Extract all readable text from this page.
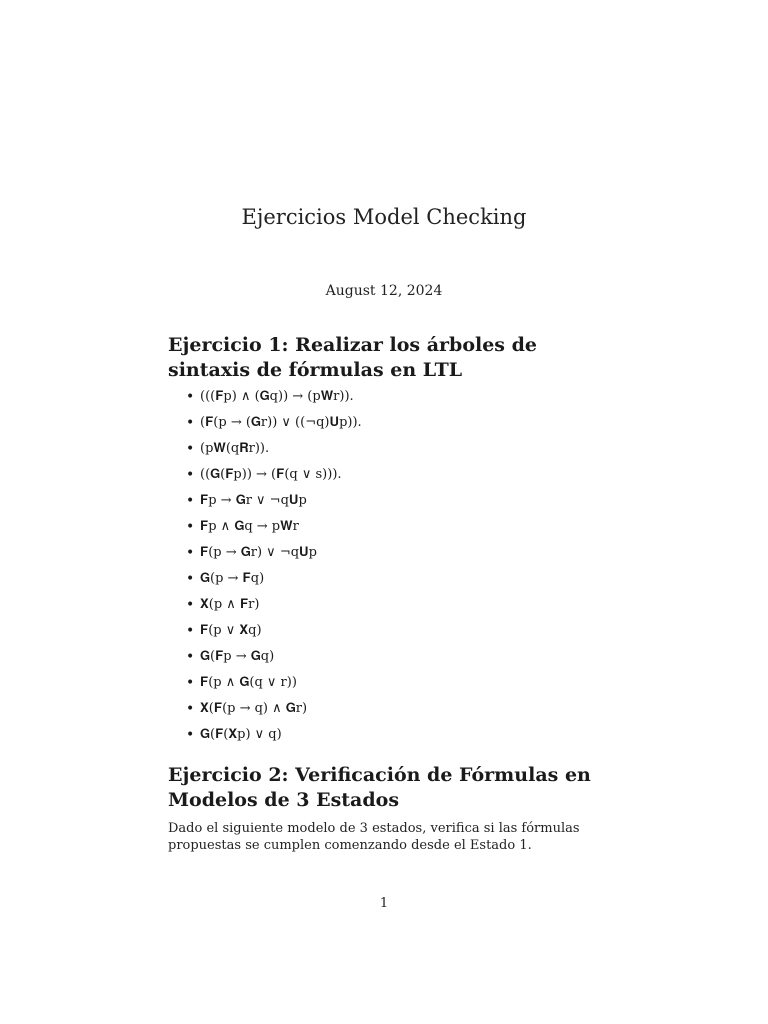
Ejercicios Model Checking
August 12, 2024
Ejercicio 1: Realizar los árboles de sintaxis de fórmulas en LTL
• (((𝐅p) ∧ (𝐆q)) → (p𝐖r)).
• (𝐅(p → (𝐆r)) ∨ ((¬q)𝐔p)).
• (p𝐖(q𝐑r)).
• ((𝐆(𝐅p)) → (𝐅(q ∨ s))).
• 𝐅p → 𝐆r ∨ ¬q𝐔p
• 𝐅p ∧ 𝐆q → p𝐖r
• 𝐅(p → 𝐆r) ∨ ¬q𝐔p
• 𝐆(p → 𝐅q)
• 𝐗(p ∧ 𝐅r)
• 𝐅(p ∨ 𝐗q)
• 𝐆(𝐅p → 𝐆q)
• 𝐅(p ∧ 𝐆(q ∨ r))
• 𝐗(𝐅(p → q) ∧ 𝐆r)
• 𝐆(𝐅(𝐗p) ∨ q)
Ejercicio 2: Verificación de Fórmulas en Modelos de 3 Estados
Dado el siguiente modelo de 3 estados, verifica si las fórmulas propuestas se cumplen comenzando desde el Estado 1.
1
